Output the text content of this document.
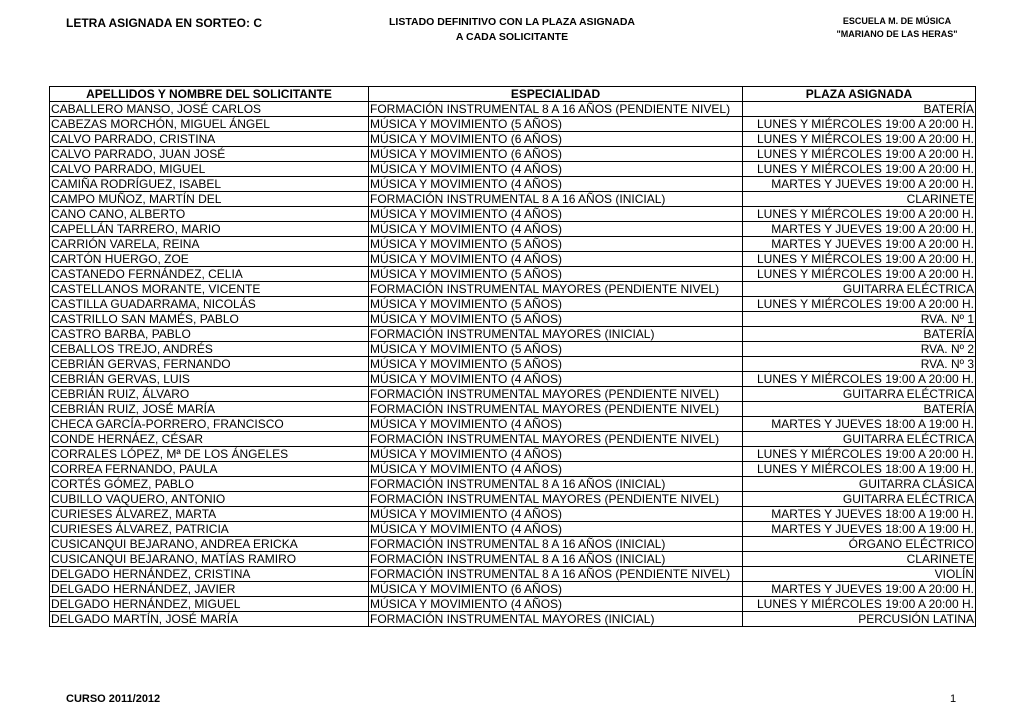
LETRA ASIGNADA EN SORTEO: C	LISTADO DEFINITIVO CON LA PLAZA ASIGNADA
A CADA SOLICITANTE
ESCUELA M. DE MÚSICA
"MARIANO DE LAS HERAS"
APELLIDOS Y NOMBRE DEL SOLICITANTE	ESPECIALIDAD	PLAZA ASIGNADA
CABALLERO MANSO, JOSÉ CARLOS	FORMACIÓN INSTRUMENTAL 8 A 16 AÑOS (PENDIENTE NIVEL)	BATERÍA
CABEZAS MORCHÓN, MIGUEL ÁNGEL	MÚSICA Y MOVIMIENTO (5 AÑOS)	LUNES Y MIÉRCOLES 19:00 A 20:00 H.
CALVO PARRADO, CRISTINA	MÚSICA Y MOVIMIENTO (6 AÑOS)	LUNES Y MIÉRCOLES 19:00 A 20:00 H.
CALVO PARRADO, JUAN JOSÉ	MÚSICA Y MOVIMIENTO (6 AÑOS)	LUNES Y MIÉRCOLES 19:00 A 20:00 H.
CALVO PARRADO, MIGUEL	MÚSICA Y MOVIMIENTO (4 AÑOS)	LUNES Y MIÉRCOLES 19:00 A 20:00 H.
CAMIÑA RODRÍGUEZ, ISABEL	MÚSICA Y MOVIMIENTO (4 AÑOS)	MARTES Y JUEVES 19:00 A 20:00 H.
CAMPO MUÑOZ, MARTÍN DEL	FORMACIÓN INSTRUMENTAL 8 A 16 AÑOS (INICIAL)	CLARINETE
CANO CANO, ALBERTO	MÚSICA Y MOVIMIENTO (4 AÑOS)	LUNES Y MIÉRCOLES 19:00 A 20:00 H.
CAPELLÁN TARRERO, MARIO	MÚSICA Y MOVIMIENTO (4 AÑOS)	MARTES Y JUEVES 19:00 A 20:00 H.
CARRIÓN VARELA, REINA	MÚSICA Y MOVIMIENTO (5 AÑOS)	MARTES Y JUEVES 19:00 A 20:00 H.
CARTÓN HUERGO, ZOE	MÚSICA Y MOVIMIENTO (4 AÑOS)	LUNES Y MIÉRCOLES 19:00 A 20:00 H.
CASTANEDO FERNÁNDEZ, CELIA	MÚSICA Y MOVIMIENTO (5 AÑOS)	LUNES Y MIÉRCOLES 19:00 A 20:00 H.
CASTELLANOS MORANTE, VICENTE	FORMACIÓN INSTRUMENTAL MAYORES (PENDIENTE NIVEL)	GUITARRA ELÉCTRICA
CASTILLA GUADARRAMA, NICOLÁS	MÚSICA Y MOVIMIENTO (5 AÑOS)	LUNES Y MIÉRCOLES 19:00 A 20:00 H.
CASTRILLO SAN MAMÉS, PABLO	MÚSICA Y MOVIMIENTO (5 AÑOS)	RVA. Nº 1
CASTRO BARBA, PABLO	FORMACIÓN INSTRUMENTAL MAYORES (INICIAL)	BATERÍA
CEBALLOS TREJO, ANDRÉS	MÚSICA Y MOVIMIENTO (5 AÑOS)	RVA. Nº 2
CEBRIÁN GERVAS, FERNANDO	MÚSICA Y MOVIMIENTO (5 AÑOS)	RVA. Nº 3
CEBRIÁN GERVAS, LUIS	MÚSICA Y MOVIMIENTO (4 AÑOS)	LUNES Y MIÉRCOLES 19:00 A 20:00 H.
CEBRIÁN RUIZ, ÁLVARO	FORMACIÓN INSTRUMENTAL MAYORES (PENDIENTE NIVEL)	GUITARRA ELÉCTRICA
CEBRIÁN RUIZ, JOSÉ MARÍA	FORMACIÓN INSTRUMENTAL MAYORES (PENDIENTE NIVEL)	BATERÍA
CHECA GARCÍA-PORRERO, FRANCISCO	MÚSICA Y MOVIMIENTO (4 AÑOS)	MARTES Y JUEVES 18:00 A 19:00 H.
CONDE HERNÁEZ, CÉSAR	FORMACIÓN INSTRUMENTAL MAYORES (PENDIENTE NIVEL)	GUITARRA ELÉCTRICA
CORRALES LÓPEZ, Mª DE LOS ÁNGELES	MÚSICA Y MOVIMIENTO (4 AÑOS)	LUNES Y MIÉRCOLES 19:00 A 20:00 H.
CORREA FERNANDO, PAULA	MÚSICA Y MOVIMIENTO (4 AÑOS)	LUNES Y MIÉRCOLES 18:00 A 19:00 H.
CORTÉS GÓMEZ, PABLO	FORMACIÓN INSTRUMENTAL 8 A 16 AÑOS (INICIAL)	GUITARRA CLÁSICA
CUBILLO VAQUERO, ANTONIO	FORMACIÓN INSTRUMENTAL MAYORES (PENDIENTE NIVEL)	GUITARRA ELÉCTRICA
CURIESES ÁLVAREZ, MARTA	MÚSICA Y MOVIMIENTO (4 AÑOS)	MARTES Y JUEVES 18:00 A 19:00 H.
CURIESES ÁLVAREZ, PATRICIA	MÚSICA Y MOVIMIENTO (4 AÑOS)	MARTES Y JUEVES 18:00 A 19:00 H.
CUSICANQUI BEJARANO, ANDREA ERICKA	FORMACIÓN INSTRUMENTAL 8 A 16 AÑOS (INICIAL)	ÓRGANO ELÉCTRICO
CUSICANQUI BEJARANO, MATÍAS RAMIRO	FORMACIÓN INSTRUMENTAL 8 A 16 AÑOS (INICIAL)	CLARINETE
DELGADO HERNÁNDEZ, CRISTINA	FORMACIÓN INSTRUMENTAL 8 A 16 AÑOS (PENDIENTE NIVEL)	VIOLÍN
DELGADO HERNÁNDEZ, JAVIER	MÚSICA Y MOVIMIENTO (6 AÑOS)	MARTES Y JUEVES 19:00 A 20:00 H.
DELGADO HERNÁNDEZ, MIGUEL	MÚSICA Y MOVIMIENTO (4 AÑOS)	LUNES Y MIÉRCOLES 19:00 A 20:00 H.
DELGADO MARTÍN, JOSÉ MARÍA	FORMACIÓN INSTRUMENTAL MAYORES (INICIAL)	PERCUSIÓN LATINA
CURSO 2011/2012	1
